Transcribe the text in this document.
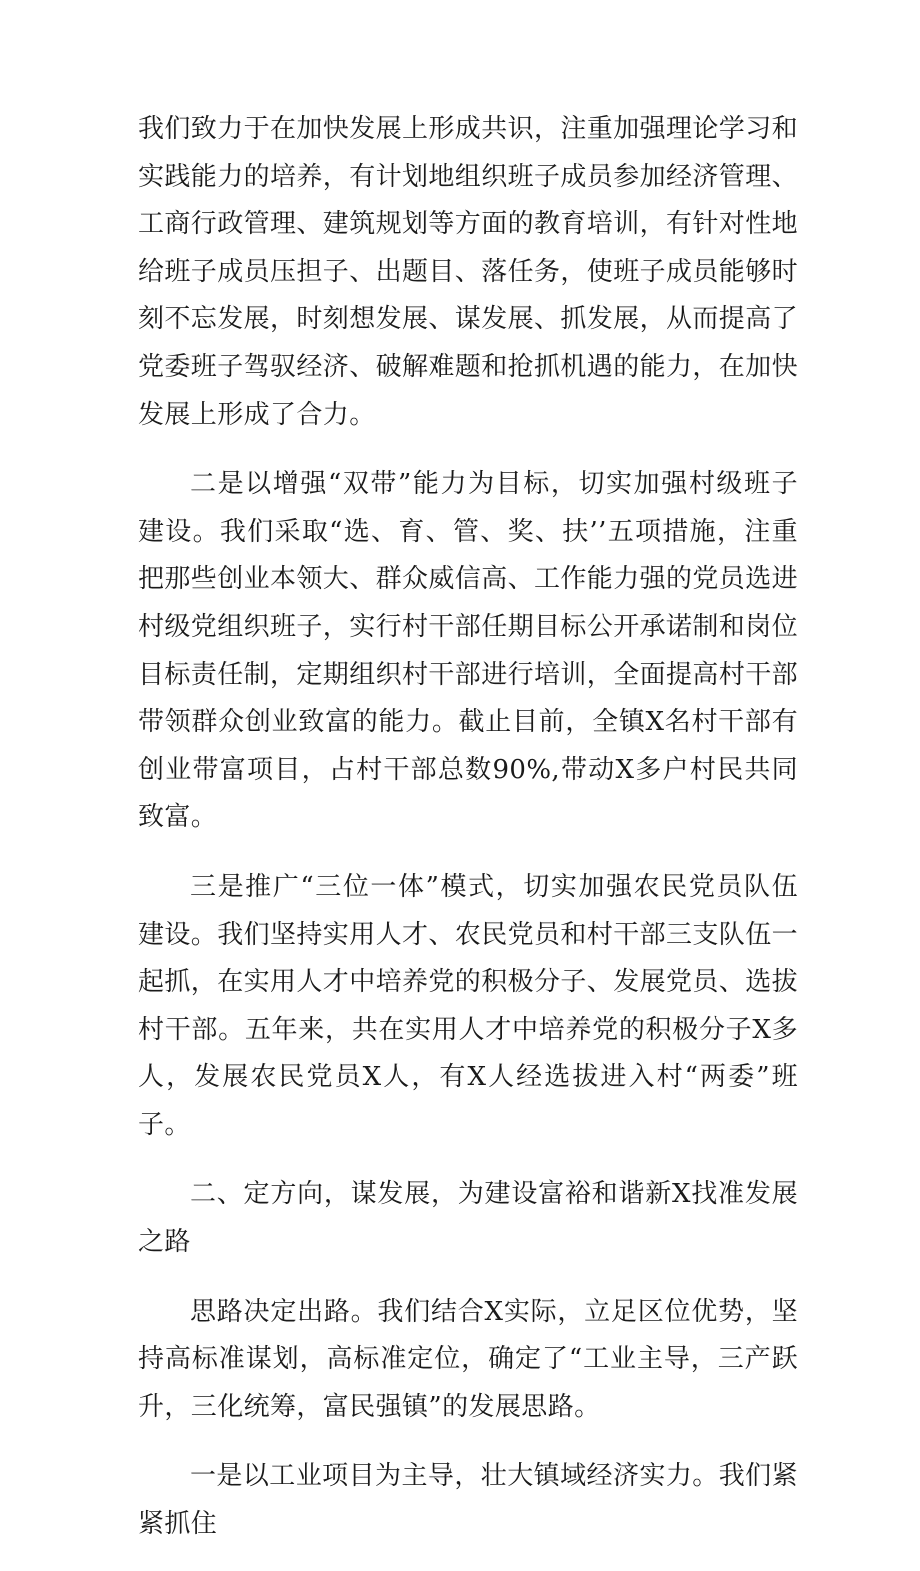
我们致力于在加快发展上形成共识，注重加强理论学习和实践能力的培养，有计划地组织班子成员参加经济管理、工商行政管理、建筑规划等方面的教育培训，有针对性地给班子成员压担子、出题目、落任务，使班子成员能够时刻不忘发展，时刻想发展、谋发展、抓发展，从而提高了党委班子驾驭经济、破解难题和抢抓机遇的能力，在加快发展上形成了合力。

二是以增强“双带”能力为目标，切实加强村级班子建设。我们采取“选、育、管、奖、扶’’五项措施，注重把那些创业本领大、群众威信高、工作能力强的党员选进村级党组织班子，实行村干部任期目标公开承诺制和岗位目标责任制，定期组织村干部进行培训，全面提高村干部带领群众创业致富的能力。截止目前，全镇X名村干部有创业带富项目，占村干部总数90%,带动X多户村民共同致富。

三是推广“三位一体”模式，切实加强农民党员队伍建设。我们坚持实用人才、农民党员和村干部三支队伍一起抓，在实用人才中培养党的积极分子、发展党员、选拔村干部。五年来，共在实用人才中培养党的积极分子X多人，发展农民党员X人，有X人经选拔进入村“两委”班子。

二、定方向，谋发展，为建设富裕和谐新X找准发展之路

思路决定出路。我们结合X实际，立足区位优势，坚持高标准谋划，高标准定位，确定了“工业主导，三产跃升，三化统筹，富民强镇”的发展思路。

一是以工业项目为主导，壮大镇域经济实力。我们紧紧抓住
